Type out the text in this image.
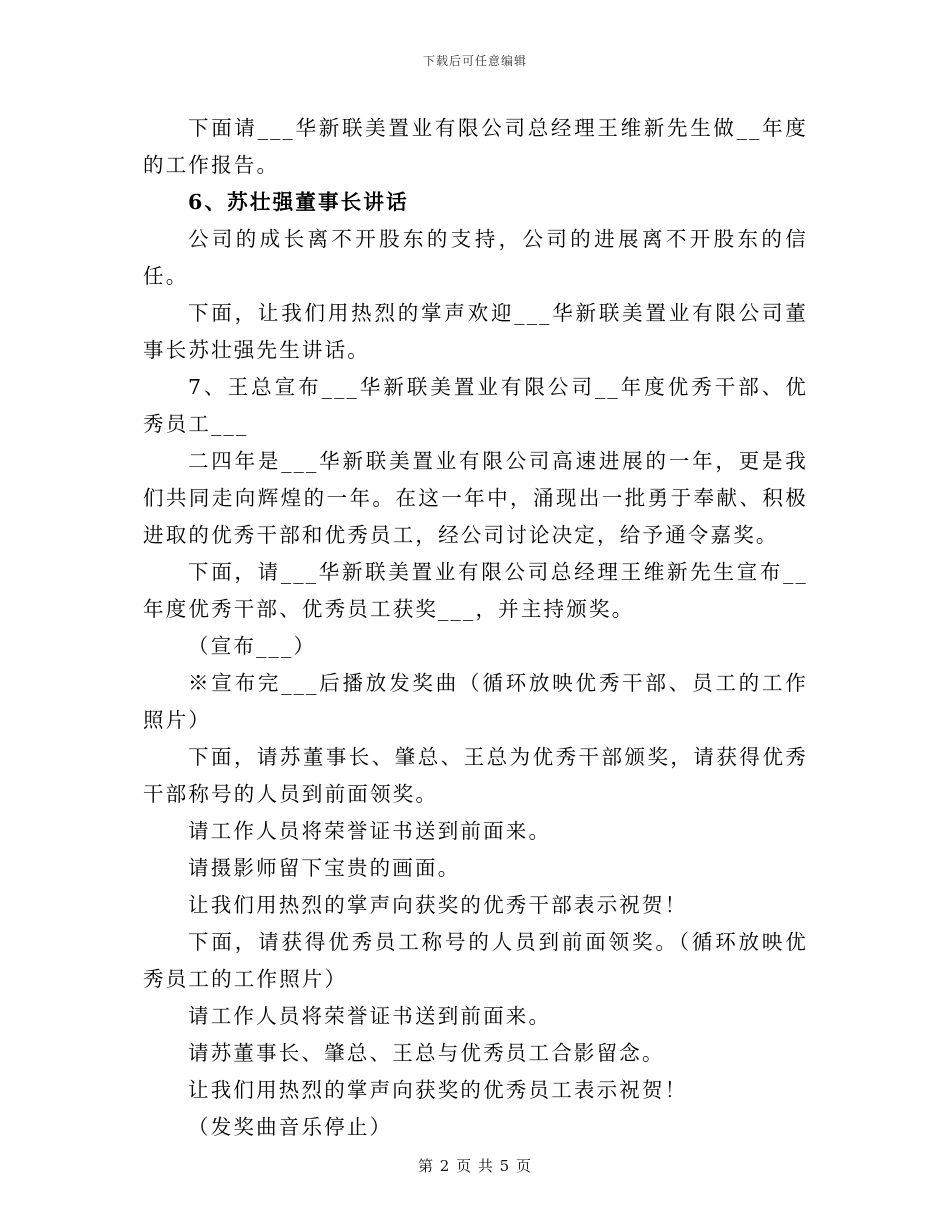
下载后可任意编辑

下面请___华新联美置业有限公司总经理王维新先生做__年度的工作报告。

6、苏壮强董事长讲话

公司的成长离不开股东的支持，公司的进展离不开股东的信任。

下面，让我们用热烈的掌声欢迎___华新联美置业有限公司董事长苏壮强先生讲话。

7、王总宣布___华新联美置业有限公司__年度优秀干部、优秀员工___

二四年是___华新联美置业有限公司高速进展的一年，更是我们共同走向辉煌的一年。在这一年中，涌现出一批勇于奉献、积极进取的优秀干部和优秀员工，经公司讨论决定，给予通令嘉奖。

下面，请___华新联美置业有限公司总经理王维新先生宣布__年度优秀干部、优秀员工获奖___，并主持颁奖。

（宣布___）

※宣布完___后播放发奖曲（循环放映优秀干部、员工的工作照片）

下面，请苏董事长、肇总、王总为优秀干部颁奖，请获得优秀干部称号的人员到前面领奖。

请工作人员将荣誉证书送到前面来。

请摄影师留下宝贵的画面。

让我们用热烈的掌声向获奖的优秀干部表示祝贺！

下面，请获得优秀员工称号的人员到前面领奖。（循环放映优秀员工的工作照片）

请工作人员将荣誉证书送到前面来。

请苏董事长、肇总、王总与优秀员工合影留念。

让我们用热烈的掌声向获奖的优秀员工表示祝贺！

（发奖曲音乐停止）

第 2 页 共 5 页
